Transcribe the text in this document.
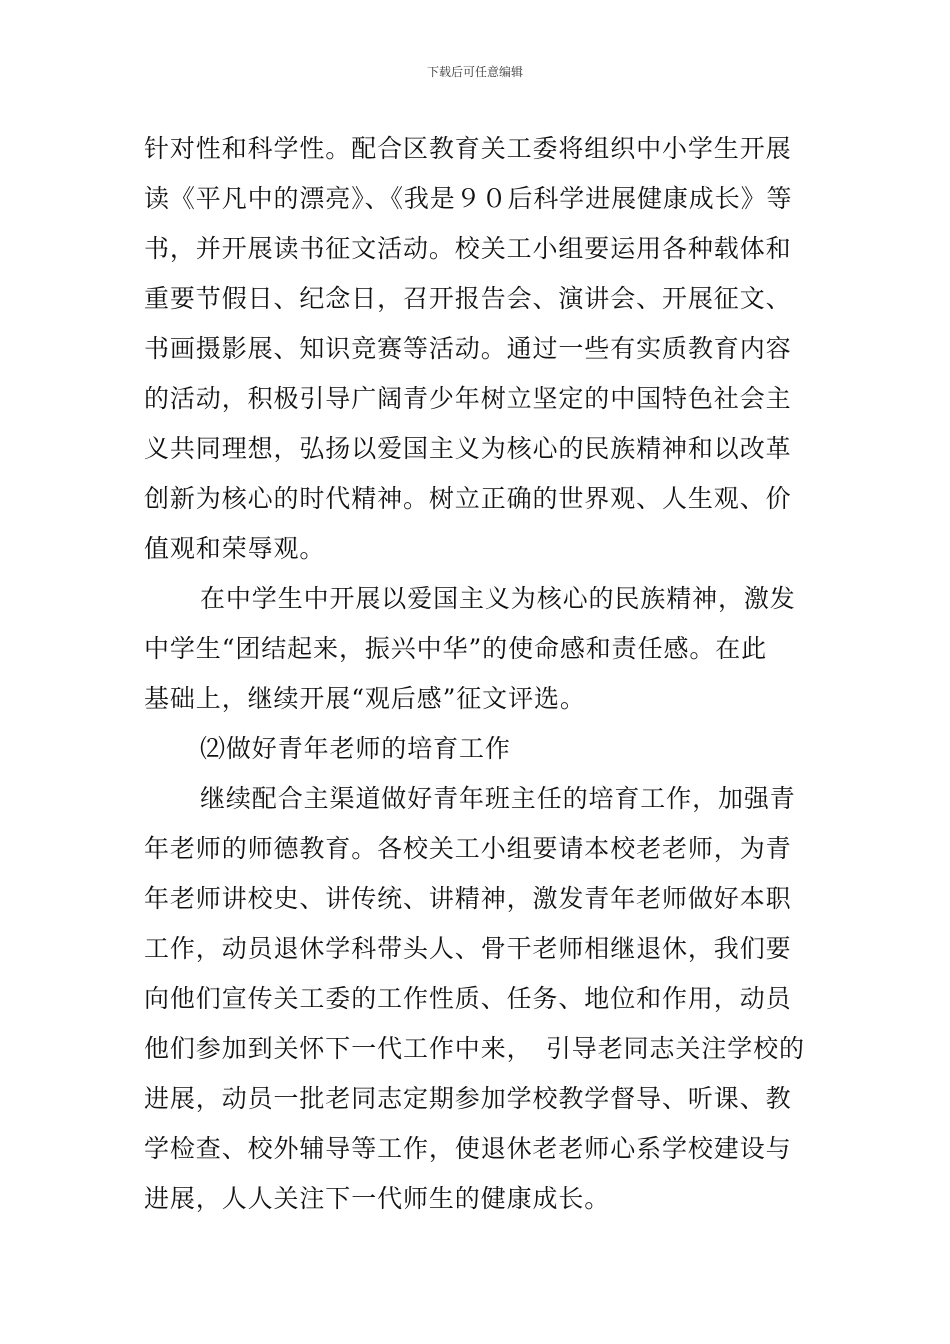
下载后可任意编辑
针对性和科学性。配合区教育关工委将组织中小学生开展
读《平凡中的漂亮》、《我是９０后科学进展健康成长》等
书，并开展读书征文活动。校关工小组要运用各种载体和
重要节假日、纪念日，召开报告会、演讲会、开展征文、
书画摄影展、知识竞赛等活动。通过一些有实质教育内容
的活动，积极引导广阔青少年树立坚定的中国特色社会主
义共同理想，弘扬以爱国主义为核心的民族精神和以改革
创新为核心的时代精神。树立正确的世界观、人生观、价
值观和荣辱观。
在中学生中开展以爱国主义为核心的民族精神，激发
中学生“团结起来，振兴中华”的使命感和责任感。在此
基础上，继续开展“观后感”征文评选。
⑵做好青年老师的培育工作
继续配合主渠道做好青年班主任的培育工作，加强青
年老师的师德教育。各校关工小组要请本校老老师，为青
年老师讲校史、讲传统、讲精神，激发青年老师做好本职
工作，动员退休学科带头人、骨干老师相继退休，我们要
向他们宣传关工委的工作性质、任务、地位和作用，动员
他们参加到关怀下一代工作中来，　引导老同志关注学校的
进展，动员一批老同志定期参加学校教学督导、听课、教
学检查、校外辅导等工作，使退休老老师心系学校建设与
进展，人人关注下一代师生的健康成长。
